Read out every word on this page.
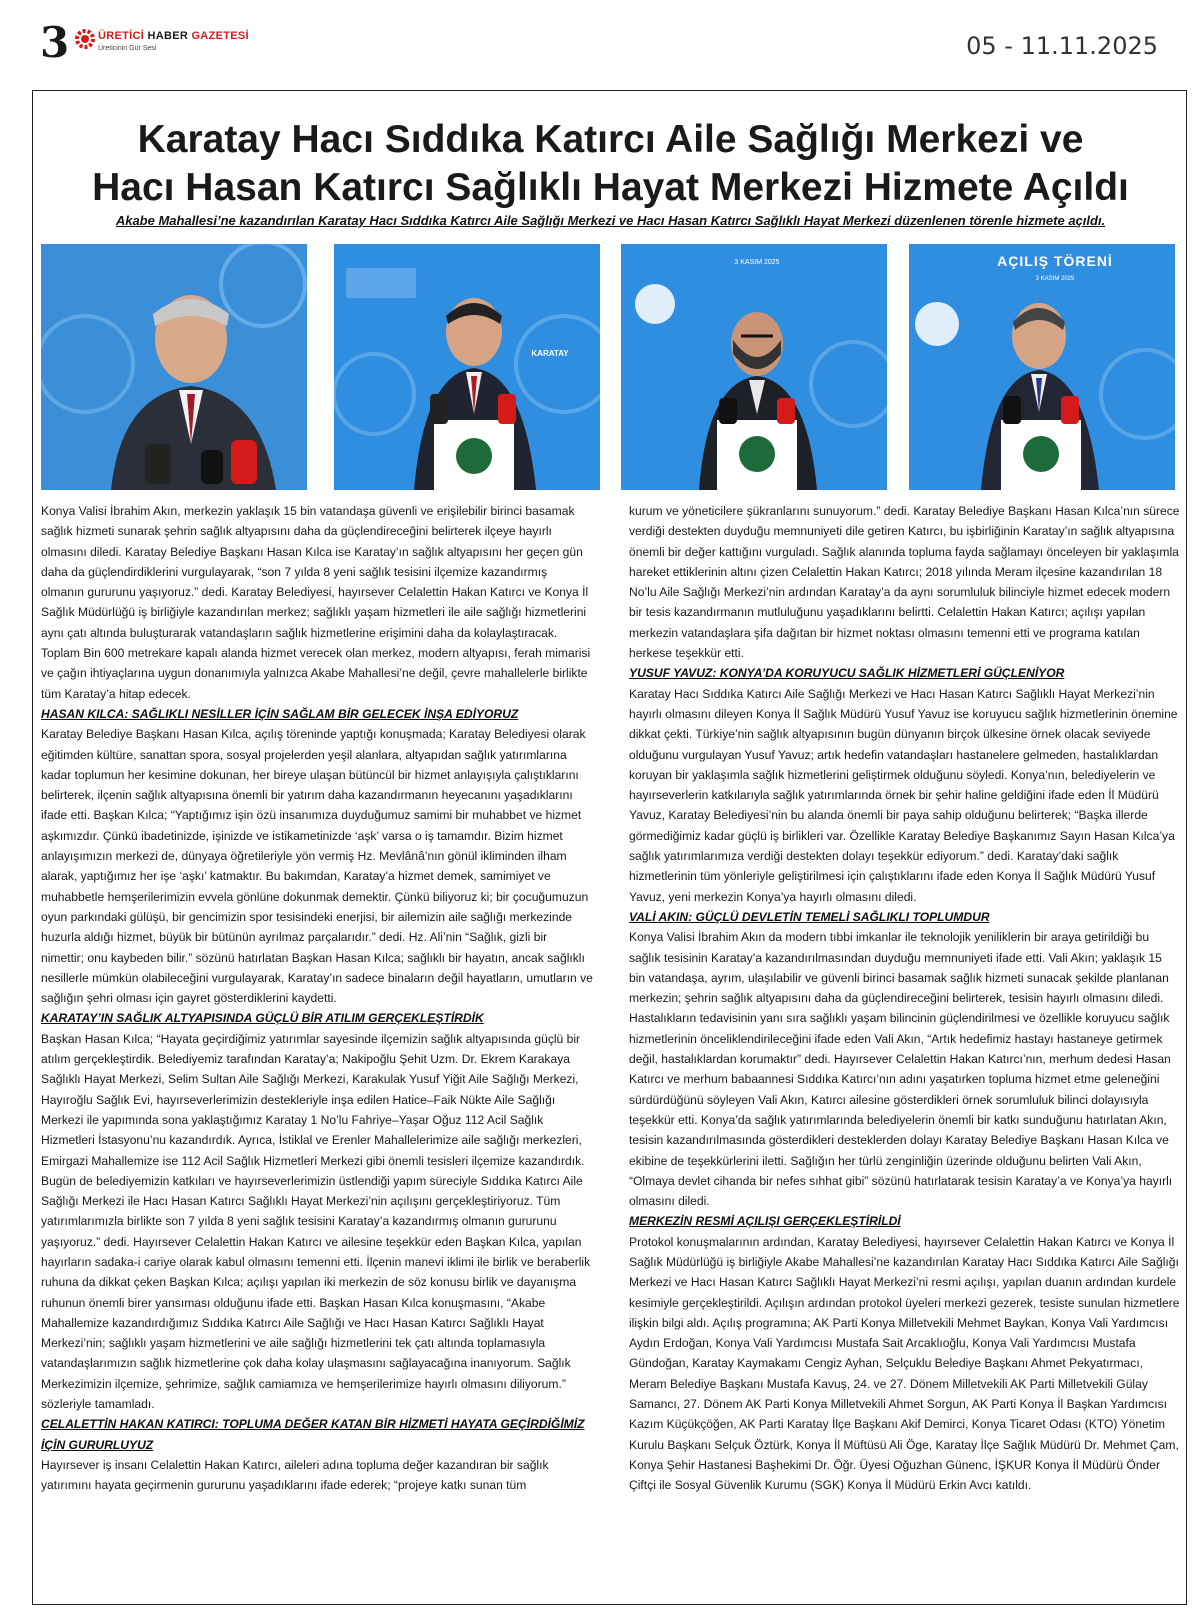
3	ÜRETİCİ HABER GAZETESİ
Üreticinin Gür Sesi	05 - 11.11.2025
Karatay Hacı Sıddıka Katırcı Aile Sağlığı Merkezi ve
Hacı Hasan Katırcı Sağlıklı Hayat Merkezi Hizmete Açıldı

Akabe Mahallesi’ne kazandırılan Karatay Hacı Sıddıka Katırcı Aile Sağlığı Merkezi ve Hacı Hasan Katırcı Sağlıklı Hayat Merkezi düzenlenen törenle hizmete açıldı.

KARATAY
3 KASIM 2025	AÇILIŞ TÖRENİ
3 KASIM 2025

Konya Valisi İbrahim Akın, merkezin yaklaşık 15 bin vatandaşa güvenli ve erişilebilir birinci basamak sağlık hizmeti sunarak şehrin sağlık altyapısını daha da güçlendireceğini belirterek ilçeye hayırlı olmasını diledi. Karatay Belediye Başkanı Hasan Kılca ise Karatay’ın sağlık altyapısını her geçen gün daha da güçlendirdiklerini vurgulayarak, “son 7 yılda 8 yeni sağlık tesisini ilçemize kazandırmış olmanın gururunu yaşıyoruz.” dedi. Karatay Belediyesi, hayırsever Celalettin Hakan Katırcı ve Konya İl Sağlık Müdürlüğü iş birliğiyle kazandırılan merkez; sağlıklı yaşam hizmetleri ile aile sağlığı hizmetlerini aynı çatı altında buluşturarak vatandaşların sağlık hizmetlerine erişimini daha da kolaylaştıracak.

Toplam Bin 600 metrekare kapalı alanda hizmet verecek olan merkez, modern altyapısı, ferah mimarisi ve çağın ihtiyaçlarına uygun donanımıyla yalnızca Akabe Mahallesi’ne değil, çevre mahallelerle birlikte tüm Karatay’a hitap edecek.

HASAN KILCA: SAĞLIKLI NESİLLER İÇİN SAĞLAM BİR GELECEK İNŞA EDİYORUZ

Karatay Belediye Başkanı Hasan Kılca, açılış töreninde yaptığı konuşmada; Karatay Belediyesi olarak eğitimden kültüre, sanattan spora, sosyal projelerden yeşil alanlara, altyapıdan sağlık yatırımlarına kadar toplumun her kesimine dokunan, her bireye ulaşan bütüncül bir hizmet anlayışıyla çalıştıklarını belirterek, ilçenin sağlık altyapısına önemli bir yatırım daha kazandırmanın heyecanını yaşadıklarını ifade etti. Başkan Kılca; “Yaptığımız işin özü insanımıza duyduğumuz samimi bir muhabbet ve hizmet aşkımızdır. Çünkü ibadetinizde, işinizde ve istikametinizde ‘aşk’ varsa o iş tamamdır. Bizim hizmet anlayışımızın merkezi de, dünyaya öğretileriyle yön vermiş Hz. Mevlânâ’nın gönül ikliminden ilham alarak, yaptığımız her işe ‘aşkı’ katmaktır. Bu bakımdan, Karatay’a hizmet demek, samimiyet ve muhabbetle hemşerilerimizin evvela gönlüne dokunmak demektir. Çünkü biliyoruz ki; bir çocuğumuzun oyun parkındaki gülüşü, bir gencimizin spor tesisindeki enerjisi, bir ailemizin aile sağlığı merkezinde huzurla aldığı hizmet, büyük bir bütünün ayrılmaz parçalarıdır.” dedi. Hz. Ali’nin “Sağlık, gizli bir nimettir; onu kaybeden bilir.” sözünü hatırlatan Başkan Hasan Kılca; sağlıklı bir hayatın, ancak sağlıklı nesillerle mümkün olabileceğini vurgulayarak, Karatay’ın sadece binaların değil hayatların, umutların ve sağlığın şehri olması için gayret gösterdiklerini kaydetti.

KARATAY’IN SAĞLIK ALTYAPISINDA GÜÇLÜ BİR ATILIM GERÇEKLEŞTİRDİK

Başkan Hasan Kılca; “Hayata geçirdiğimiz yatırımlar sayesinde ilçemizin sağlık altyapısında güçlü bir atılım gerçekleştirdik. Belediyemiz tarafından Karatay’a; Nakipoğlu Şehit Uzm. Dr. Ekrem Karakaya Sağlıklı Hayat Merkezi, Selim Sultan Aile Sağlığı Merkezi, Karakulak Yusuf Yiğit Aile Sağlığı Merkezi, Hayıroğlu Sağlık Evi, hayırseverlerimizin destekleriyle inşa edilen Hatice–Faik Nükte Aile Sağlığı Merkezi ile yapımında sona yaklaştığımız Karatay 1 No’lu Fahriye–Yaşar Oğuz 112 Acil Sağlık Hizmetleri İstasyonu’nu kazandırdık. Ayrıca, İstiklal ve Erenler Mahallelerimize aile sağlığı merkezleri, Emirgazi Mahallemize ise 112 Acil Sağlık Hizmetleri Merkezi gibi önemli tesisleri ilçemize kazandırdık. Bugün de belediyemizin katkıları ve hayırseverlerimizin üstlendiği yapım süreciyle Sıddıka Katırcı Aile Sağlığı Merkezi ile Hacı Hasan Katırcı Sağlıklı Hayat Merkezi’nin açılışını gerçekleştiriyoruz. Tüm yatırımlarımızla birlikte son 7 yılda 8 yeni sağlık tesisini Karatay’a kazandırmış olmanın gururunu yaşıyoruz.” dedi. Hayırsever Celalettin Hakan Katırcı ve ailesine teşekkür eden Başkan Kılca, yapılan hayırların sadaka-i cariye olarak kabul olmasını temenni etti. İlçenin manevi iklimi ile birlik ve beraberlik ruhuna da dikkat çeken Başkan Kılca; açılışı yapılan iki merkezin de söz konusu birlik ve dayanışma ruhunun önemli birer yansıması olduğunu ifade etti. Başkan Hasan Kılca konuşmasını, “Akabe Mahallemize kazandırdığımız Sıddıka Katırcı Aile Sağlığı ve Hacı Hasan Katırcı Sağlıklı Hayat Merkezi’nin; sağlıklı yaşam hizmetlerini ve aile sağlığı hizmetlerini tek çatı altında toplamasıyla vatandaşlarımızın sağlık hizmetlerine çok daha kolay ulaşmasını sağlayacağına inanıyorum. Sağlık Merkezimizin ilçemize, şehrimize, sağlık camiamıza ve hemşerilerimize hayırlı olmasını diliyorum.” sözleriyle tamamladı.

CELALETTİN HAKAN KATIRCI: TOPLUMA DEĞER KATAN BİR HİZMETİ HAYATA GEÇİRDİĞİMİZ İÇİN GURURLUYUZ

Hayırsever iş insanı Celalettin Hakan Katırcı, aileleri adına topluma değer kazandıran bir sağlık yatırımını hayata geçirmenin gururunu yaşadıklarını ifade ederek; “projeye katkı sunan tüm

kurum ve yöneticilere şükranlarını sunuyorum.” dedi. Karatay Belediye Başkanı Hasan Kılca’nın sürece verdiği destekten duyduğu memnuniyeti dile getiren Katırcı, bu işbirliğinin Karatay’ın sağlık altyapısına önemli bir değer kattığını vurguladı. Sağlık alanında topluma fayda sağlamayı önceleyen bir yaklaşımla hareket ettiklerinin altını çizen Celalettin Hakan Katırcı; 2018 yılında Meram ilçesine kazandırılan 18 No’lu Aile Sağlığı Merkezi’nin ardından Karatay’a da aynı sorumluluk bilinciyle hizmet edecek modern bir tesis kazandırmanın mutluluğunu yaşadıklarını belirtti. Celalettin Hakan Katırcı; açılışı yapılan merkezin vatandaşlara şifa dağıtan bir hizmet noktası olmasını temenni etti ve programa katılan herkese teşekkür etti.

YUSUF YAVUZ: KONYA’DA KORUYUCU SAĞLIK HİZMETLERİ GÜÇLENİYOR

Karatay Hacı Sıddıka Katırcı Aile Sağlığı Merkezi ve Hacı Hasan Katırcı Sağlıklı Hayat Merkezi’nin hayırlı olmasını dileyen Konya İl Sağlık Müdürü Yusuf Yavuz ise koruyucu sağlık hizmetlerinin önemine dikkat çekti. Türkiye’nin sağlık altyapısının bugün dünyanın birçok ülkesine örnek olacak seviyede olduğunu vurgulayan Yusuf Yavuz; artık hedefin vatandaşları hastanelere gelmeden, hastalıklardan koruyan bir yaklaşımla sağlık hizmetlerini geliştirmek olduğunu söyledi. Konya’nın, belediyelerin ve hayırseverlerin katkılarıyla sağlık yatırımlarında örnek bir şehir haline geldiğini ifade eden İl Müdürü Yavuz, Karatay Belediyesi’nin bu alanda önemli bir paya sahip olduğunu belirterek; “Başka illerde görmediğimiz kadar güçlü iş birlikleri var. Özellikle Karatay Belediye Başkanımız Sayın Hasan Kılca’ya sağlık yatırımlarımıza verdiği destekten dolayı teşekkür ediyorum.” dedi. Karatay’daki sağlık hizmetlerinin tüm yönleriyle geliştirilmesi için çalıştıklarını ifade eden Konya İl Sağlık Müdürü Yusuf Yavuz, yeni merkezin Konya’ya hayırlı olmasını diledi.

VALİ AKIN: GÜÇLÜ DEVLETİN TEMELİ SAĞLIKLI TOPLUMDUR

Konya Valisi İbrahim Akın da modern tıbbi imkanlar ile teknolojik yeniliklerin bir araya getirildiği bu sağlık tesisinin Karatay’a kazandırılmasından duyduğu memnuniyeti ifade etti. Vali Akın; yaklaşık 15 bin vatandaşa, ayrım, ulaşılabilir ve güvenli birinci basamak sağlık hizmeti sunacak şekilde planlanan merkezin; şehrin sağlık altyapısını daha da güçlendireceğini belirterek, tesisin hayırlı olmasını diledi. Hastalıkların tedavisinin yanı sıra sağlıklı yaşam bilincinin güçlendirilmesi ve özellikle koruyucu sağlık hizmetlerinin önceliklendirileceğini ifade eden Vali Akın, “Artık hedefimiz hastayı hastaneye getirmek değil, hastalıklardan korumaktır” dedi. Hayırsever Celalettin Hakan Katırcı’nın, merhum dedesi Hasan Katırcı ve merhum babaannesi Sıddıka Katırcı’nın adını yaşatırken topluma hizmet etme geleneğini sürdürdüğünü söyleyen Vali Akın, Katırcı ailesine gösterdikleri örnek sorumluluk bilinci dolayısıyla teşekkür etti. Konya’da sağlık yatırımlarında belediyelerin önemli bir katkı sunduğunu hatırlatan Akın, tesisin kazandırılmasında gösterdikleri desteklerden dolayı Karatay Belediye Başkanı Hasan Kılca ve ekibine de teşekkürlerini iletti. Sağlığın her türlü zenginliğin üzerinde olduğunu belirten Vali Akın, “Olmaya devlet cihanda bir nefes sıhhat gibi” sözünü hatırlatarak tesisin Karatay’a ve Konya’ya hayırlı olmasını diledi.

MERKEZİN RESMİ AÇILIŞI GERÇEKLEŞTİRİLDİ

Protokol konuşmalarının ardından, Karatay Belediyesi, hayırsever Celalettin Hakan Katırcı ve Konya İl Sağlık Müdürlüğü iş birliğiyle Akabe Mahallesi’ne kazandırılan Karatay Hacı Sıddıka Katırcı Aile Sağlığı Merkezi ve Hacı Hasan Katırcı Sağlıklı Hayat Merkezi’ni resmi açılışı, yapılan duanın ardından kurdele kesimiyle gerçekleştirildi. Açılışın ardından protokol üyeleri merkezi gezerek, tesiste sunulan hizmetlere ilişkin bilgi aldı. Açılış programına; AK Parti Konya Milletvekili Mehmet Baykan, Konya Vali Yardımcısı Aydın Erdoğan, Konya Vali Yardımcısı Mustafa Sait Arcaklıoğlu, Konya Vali Yardımcısı Mustafa Gündoğan, Karatay Kaymakamı Cengiz Ayhan, Selçuklu Belediye Başkanı Ahmet Pekyatırmacı, Meram Belediye Başkanı Mustafa Kavuş, 24. ve 27. Dönem Milletvekili AK Parti Milletvekili Gülay Samancı, 27. Dönem AK Parti Konya Milletvekili Ahmet Sorgun, AK Parti Konya İl Başkan Yardımcısı Kazım Küçükçöğen, AK Parti Karatay İlçe Başkanı Akif Demirci, Konya Ticaret Odası (KTO) Yönetim Kurulu Başkanı Selçuk Öztürk, Konya İl Müftüsü Ali Öge, Karatay İlçe Sağlık Müdürü Dr. Mehmet Çam, Konya Şehir Hastanesi Başhekimi Dr. Öğr. Üyesi Oğuzhan Günenc, İŞKUR Konya İl Müdürü Önder Çiftçi ile Sosyal Güvenlik Kurumu (SGK) Konya İl Müdürü Erkin Avcı katıldı.
